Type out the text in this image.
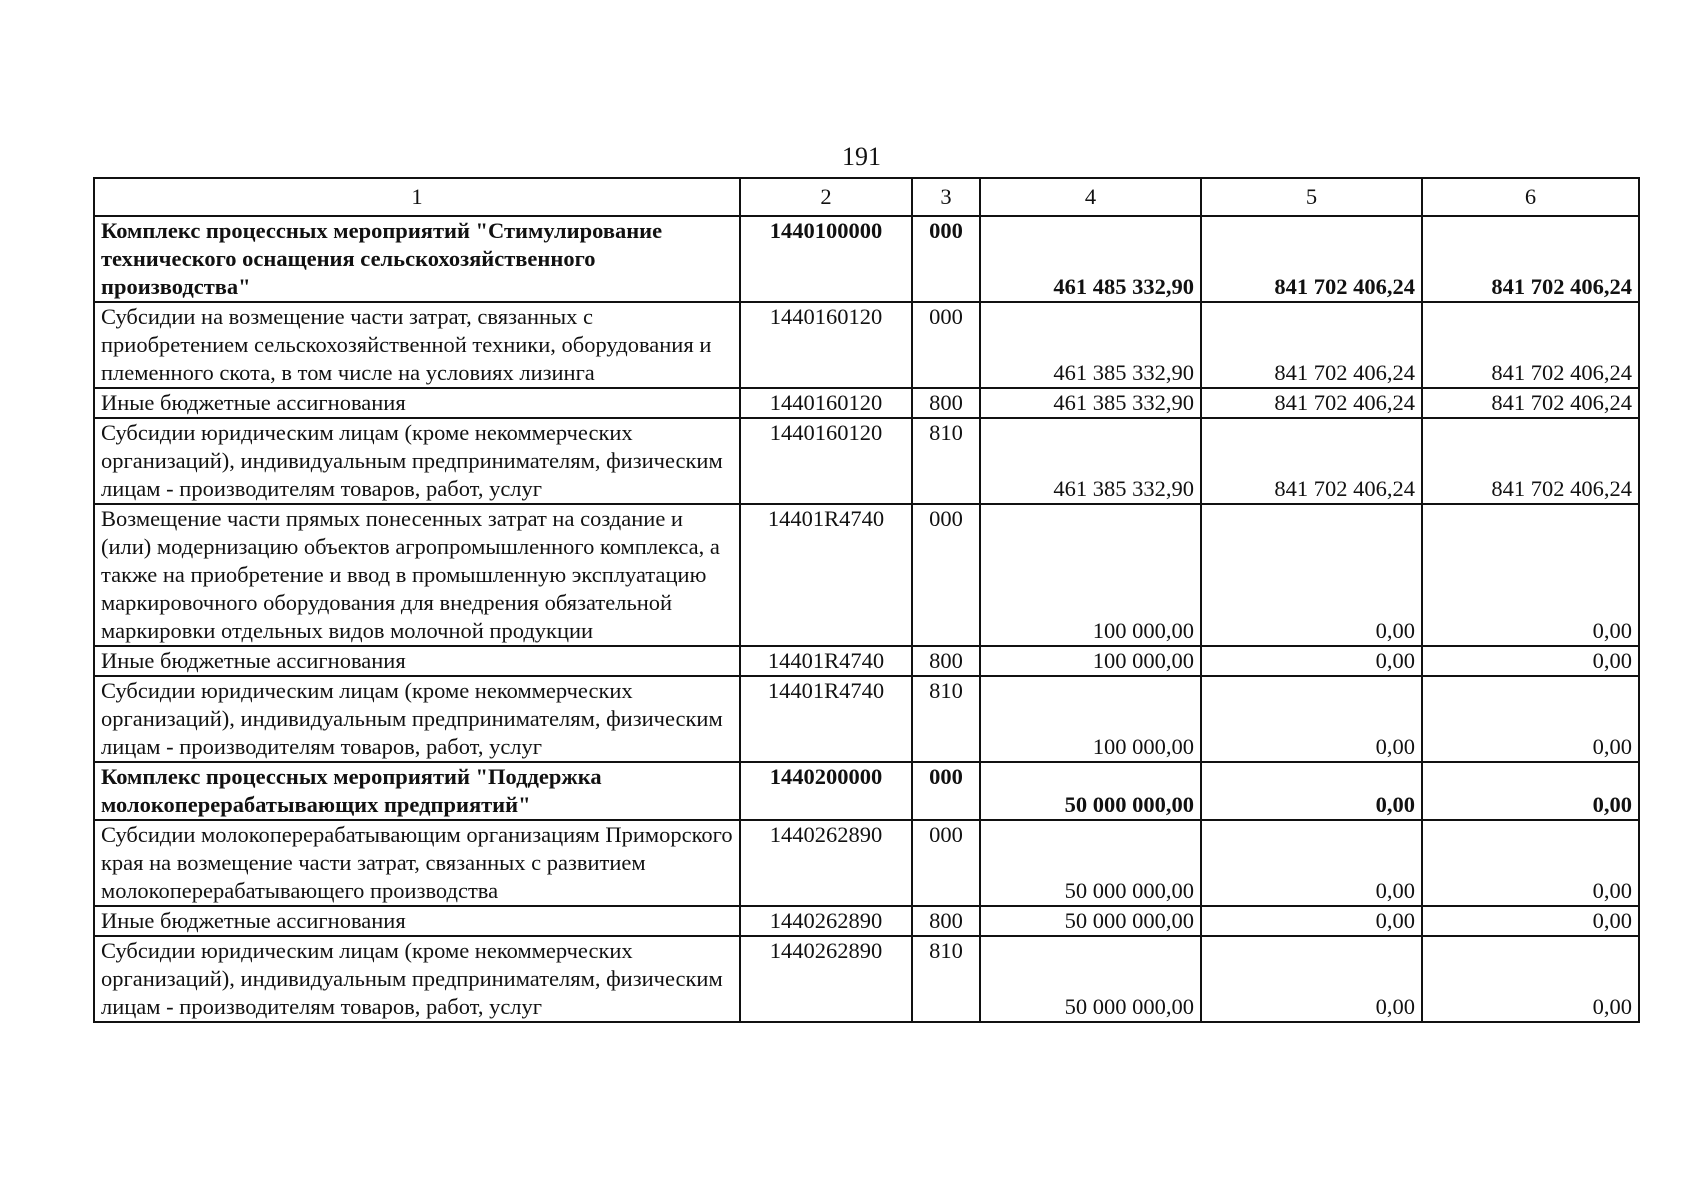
191
1	2	3	4	5	6
Комплекс процессных мероприятий "Стимулирование технического оснащения сельскохозяйственного производства"	1440100000	000	461 485 332,90	841 702 406,24	841 702 406,24
Субсидии на возмещение части затрат, связанных с приобретением сельскохозяйственной техники, оборудования и племенного скота, в том числе на условиях лизинга	1440160120	000	461 385 332,90	841 702 406,24	841 702 406,24
Иные бюджетные ассигнования	1440160120	800	461 385 332,90	841 702 406,24	841 702 406,24
Субсидии юридическим лицам (кроме некоммерческих организаций), индивидуальным предпринимателям, физическим лицам - производителям товаров, работ, услуг	1440160120	810	461 385 332,90	841 702 406,24	841 702 406,24
Возмещение части прямых понесенных затрат на создание и (или) модернизацию объектов агропромышленного комплекса, а также на приобретение и ввод в промышленную эксплуатацию маркировочного оборудования для внедрения обязательной маркировки отдельных видов молочной продукции	14401R4740	000	100 000,00	0,00	0,00
Иные бюджетные ассигнования	14401R4740	800	100 000,00	0,00	0,00
Субсидии юридическим лицам (кроме некоммерческих организаций), индивидуальным предпринимателям, физическим лицам - производителям товаров, работ, услуг	14401R4740	810	100 000,00	0,00	0,00
Комплекс процессных мероприятий "Поддержка молокоперерабатывающих предприятий"	1440200000	000	50 000 000,00	0,00	0,00
Субсидии молокоперерабатывающим организациям Приморского края на возмещение части затрат, связанных с развитием молокоперерабатывающего производства	1440262890	000	50 000 000,00	0,00	0,00
Иные бюджетные ассигнования	1440262890	800	50 000 000,00	0,00	0,00
Субсидии юридическим лицам (кроме некоммерческих организаций), индивидуальным предпринимателям, физическим лицам - производителям товаров, работ, услуг	1440262890	810	50 000 000,00	0,00	0,00
